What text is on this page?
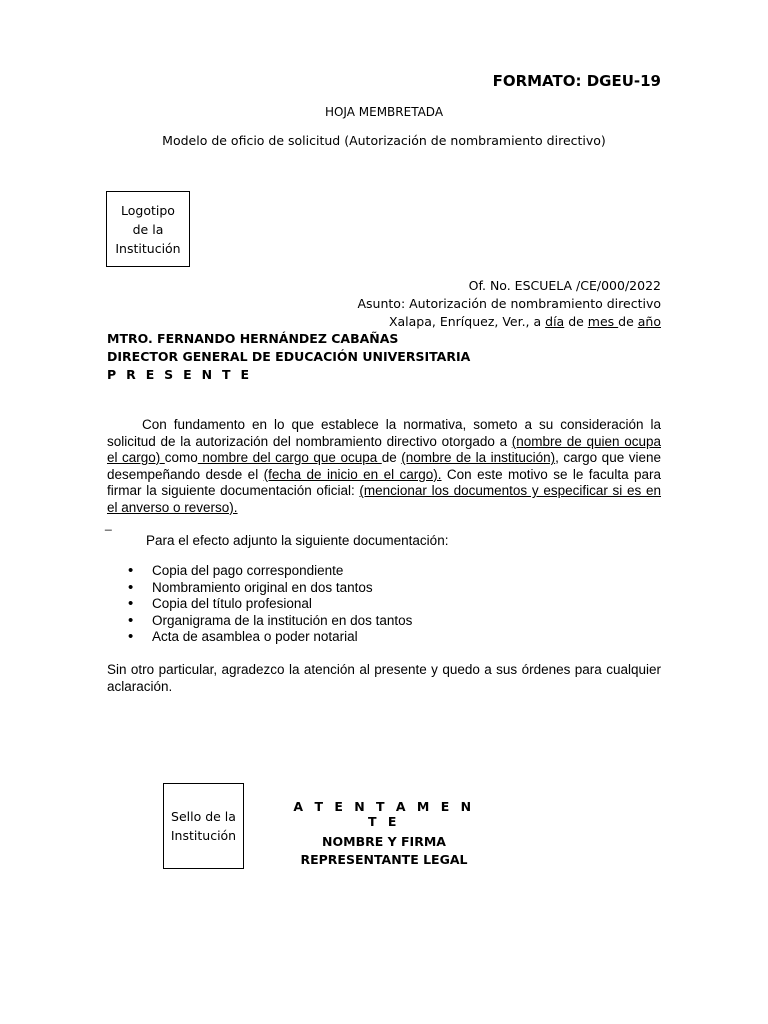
FORMATO: DGEU-19
HOJA MEMBRETADA
Modelo de oficio de solicitud (Autorización de nombramiento directivo)
Logotipo
de la
Institución
Of. No. ESCUELA /CE/000/2022
Asunto: Autorización de nombramiento directivo
Xalapa, Enríquez, Ver., a día de mes de año
MTRO. FERNANDO HERNÁNDEZ CABAÑAS
DIRECTOR GENERAL DE EDUCACIÓN UNIVERSITARIA
P R E S E N T E
Con fundamento en lo que establece la normativa, someto a su consideración la solicitud de la autorización del nombramiento directivo otorgado a (nombre de quien ocupa el cargo) como nombre del cargo que ocupa de (nombre de la institución), cargo que viene desempeñando desde el (fecha de inicio en el cargo). Con este motivo se le faculta para firmar la siguiente documentación oficial: (mencionar los documentos y especificar si es en el anverso o reverso).
_
Para el efecto adjunto la siguiente documentación:
• Copia del pago correspondiente
• Nombramiento original en dos tantos
• Copia del título profesional
• Organigrama de la institución en dos tantos
• Acta de asamblea o poder notarial
Sin otro particular, agradezco la atención al presente y quedo a sus órdenes para cualquier aclaración.
Sello de la
Institución
A T E N T A M E N T E
NOMBRE Y FIRMA
REPRESENTANTE LEGAL
